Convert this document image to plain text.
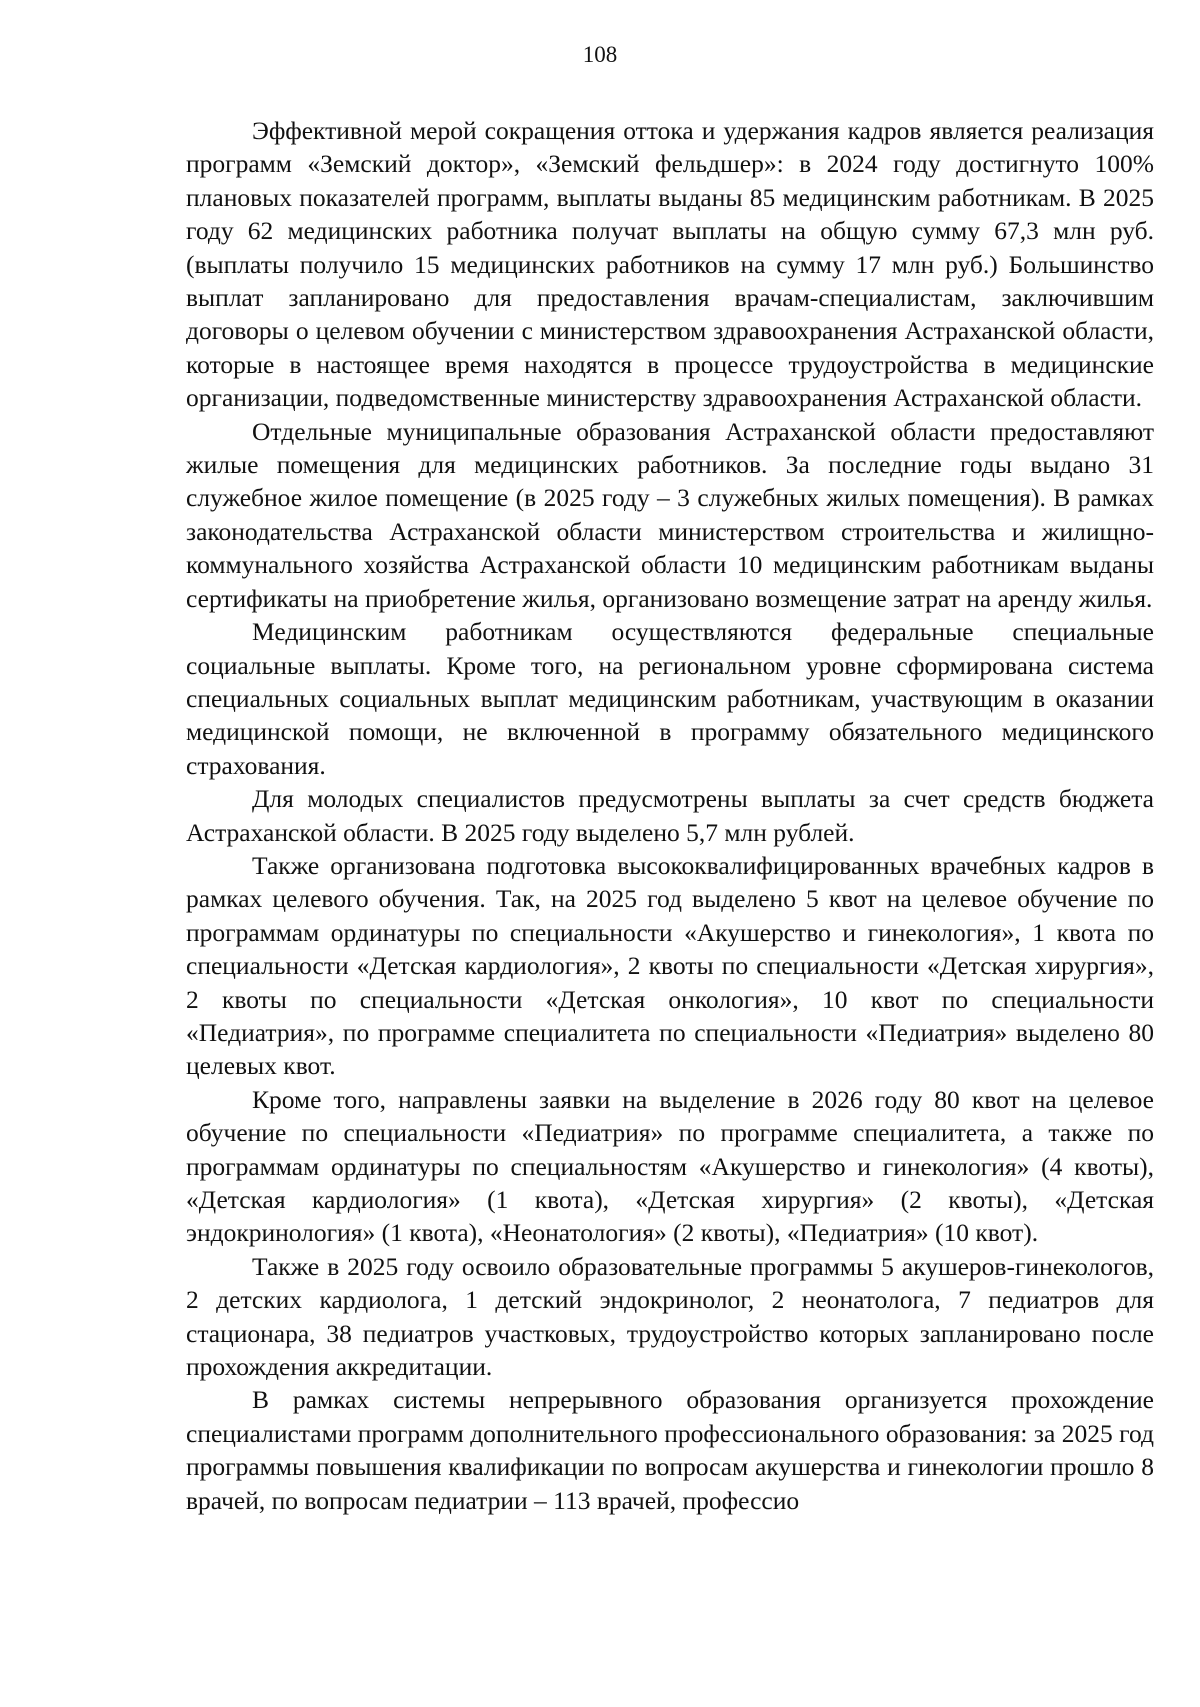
108

Эффективной мерой сокращения оттока и удержания кадров является реализация программ «Земский доктор», «Земский фельдшер»: в 2024 году достигнуто 100% плановых показателей программ, выплаты выданы 85 медицинским работникам. В 2025 году 62 медицинских работника получат выплаты на общую сумму 67,3 млн руб. (выплаты получило 15 медицинских работников на сумму 17 млн руб.) Большинство выплат запланировано для предоставления врачам-специалистам, заключившим договоры о целевом обучении с министерством здравоохранения Астраханской области, которые в настоящее время находятся в процессе трудоустройства в медицинские организации, подведомственные министерству здравоохранения Астраханской области.

Отдельные муниципальные образования Астраханской области предоставляют жилые помещения для медицинских работников. За последние годы выдано 31 служебное жилое помещение (в 2025 году – 3 служебных жилых помещения). В рамках законодательства Астраханской области министерством строительства и жилищно-коммунального хозяйства Астраханской области 10 медицинским работникам выданы сертификаты на приобретение жилья, организовано возмещение затрат на аренду жилья.

Медицинским работникам осуществляются федеральные специальные социальные выплаты. Кроме того, на региональном уровне сформирована система специальных социальных выплат медицинским работникам, участвующим в оказании медицинской помощи, не включенной в программу обязательного медицинского страхования.

Для молодых специалистов предусмотрены выплаты за счет средств бюджета Астраханской области. В 2025 году выделено 5,7 млн рублей.

Также организована подготовка высококвалифицированных врачебных кадров в рамках целевого обучения. Так, на 2025 год выделено 5 квот на целевое обучение по программам ординатуры по специальности «Акушерство и гинекология», 1 квота по специальности «Детская кардиология», 2 квоты по специальности «Детская хирургия», 2 квоты по специальности «Детская онкология», 10 квот по специальности «Педиатрия», по программе специалитета по специальности «Педиатрия» выделено 80 целевых квот.

Кроме того, направлены заявки на выделение в 2026 году 80 квот на целевое обучение по специальности «Педиатрия» по программе специалитета, а также по программам ординатуры по специальностям «Акушерство и гинекология» (4 квоты), «Детская кардиология» (1 квота), «Детская хирургия» (2 квоты), «Детская эндокринология» (1 квота), «Неонатология» (2 квоты), «Педиатрия» (10 квот).

Также в 2025 году освоило образовательные программы 5 акушеров-гинекологов, 2 детских кардиолога, 1 детский эндокринолог, 2 неонатолога, 7 педиатров для стационара, 38 педиатров участковых, трудоустройство которых запланировано после прохождения аккредитации.

В рамках системы непрерывного образования организуется прохождение специалистами программ дополнительного профессионального образования: за 2025 год программы повышения квалификации по вопросам акушерства и гинекологии прошло 8 врачей, по вопросам педиатрии – 113 врачей, профессио
